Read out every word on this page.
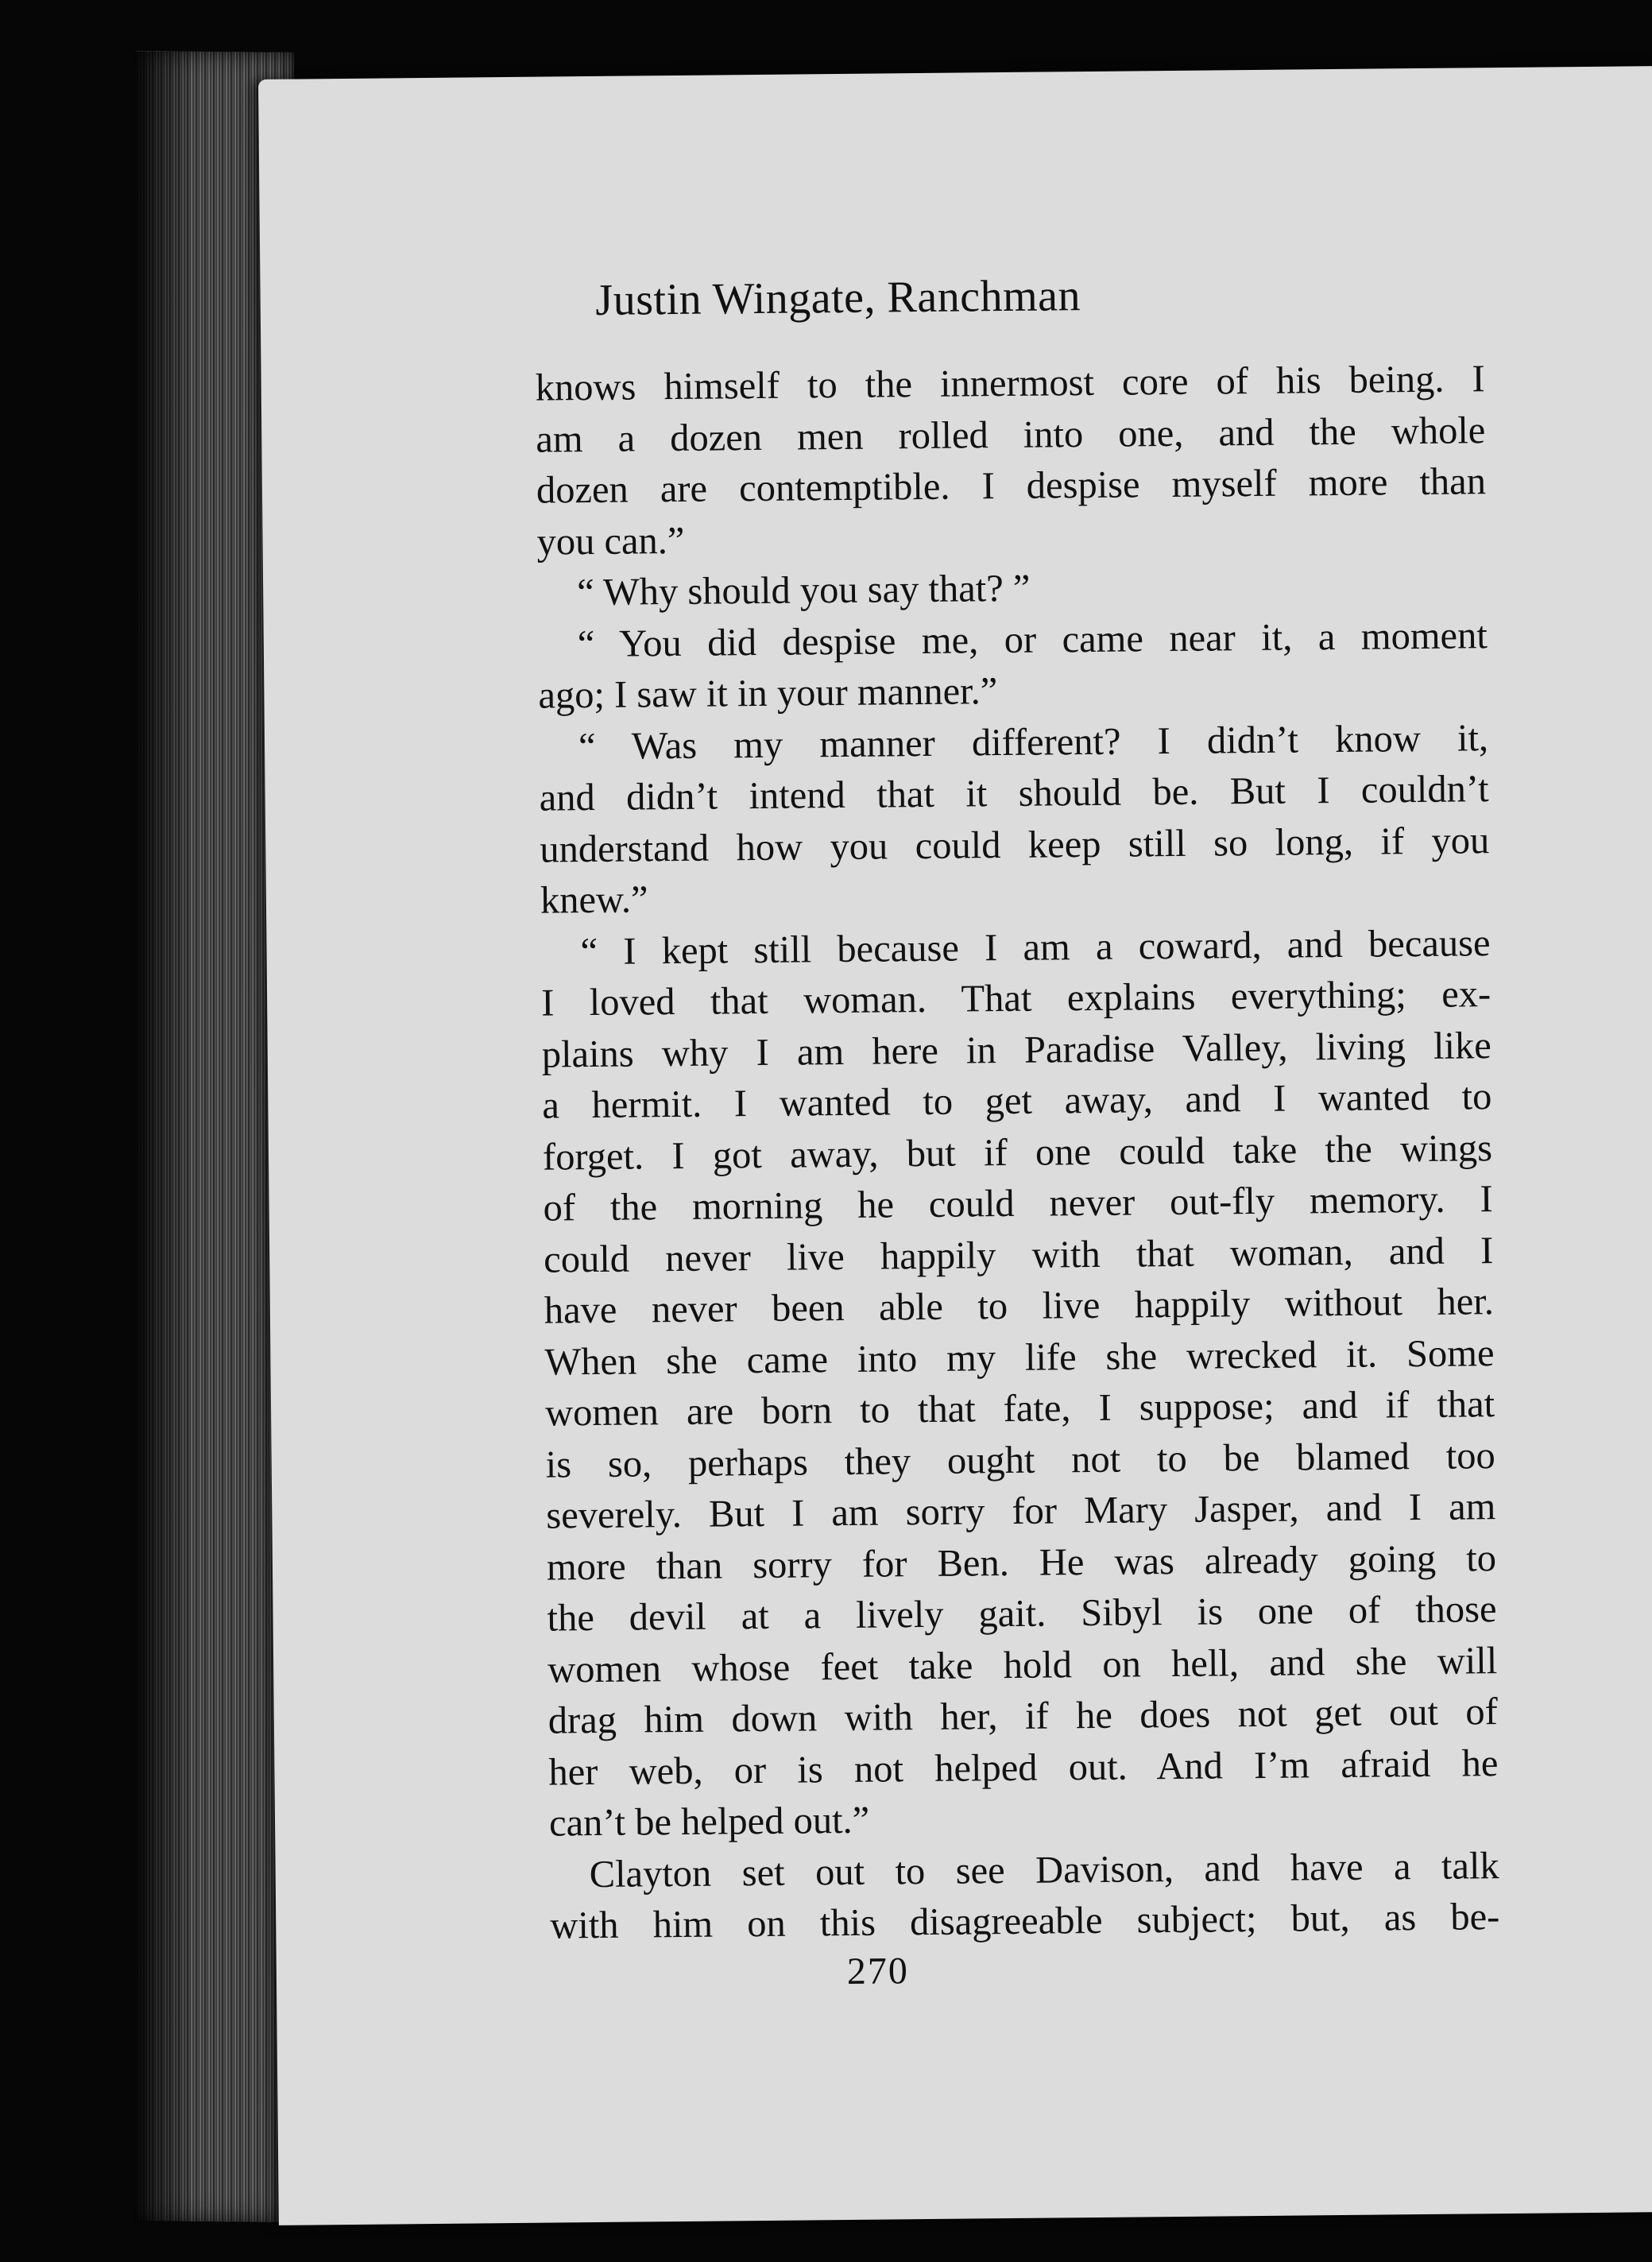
Justin Wingate, Ranchman
knows himself to the innermost core of his being. I
am a dozen men rolled into one, and the whole
dozen are contemptible. I despise myself more than
you can.”
“ Why should you say that? ”
“ You did despise me, or came near it, a moment
ago; I saw it in your manner.”
“ Was my manner different? I didn’t know it,
and didn’t intend that it should be. But I couldn’t
understand how you could keep still so long, if you
knew.”
“ I kept still because I am a coward, and because
I loved that woman. That explains everything; ex-
plains why I am here in Paradise Valley, living like
a hermit. I wanted to get away, and I wanted to
forget. I got away, but if one could take the wings
of the morning he could never out-fly memory. I
could never live happily with that woman, and I
have never been able to live happily without her.
When she came into my life she wrecked it. Some
women are born to that fate, I suppose; and if that
is so, perhaps they ought not to be blamed too
severely. But I am sorry for Mary Jasper, and I am
more than sorry for Ben. He was already going to
the devil at a lively gait. Sibyl is one of those
women whose feet take hold on hell, and she will
drag him down with her, if he does not get out of
her web, or is not helped out. And I’m afraid he
can’t be helped out.”
Clayton set out to see Davison, and have a talk
with him on this disagreeable subject; but, as be-
270
